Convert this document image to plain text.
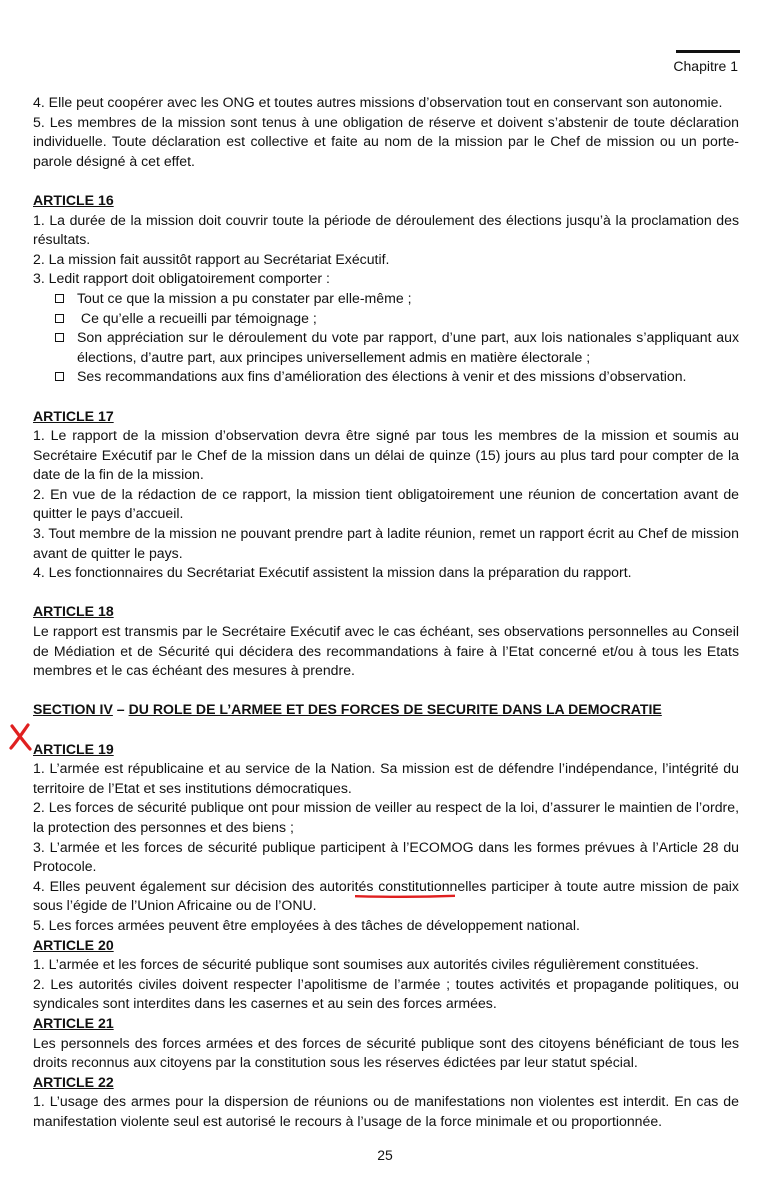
Chapitre 1

4. Elle peut coopérer avec les ONG et toutes autres missions d’observation tout en conservant son autonomie.

5. Les membres de la mission sont tenus à une obligation de réserve et doivent s’abstenir de toute déclaration individuelle. Toute déclaration est collective et faite au nom de la mission par le Chef de mission ou un porte-parole désigné à cet effet.

ARTICLE 16

1. La durée de la mission doit couvrir toute la période de déroulement des élections jusqu’à la proclamation des résultats.

2. La mission fait aussitôt rapport au Secrétariat Exécutif.

3. Ledit rapport doit obligatoirement comporter :

Tout ce que la mission a pu constater par elle-même ;
Ce qu’elle a recueilli par témoignage ;
Son appréciation sur le déroulement du vote par rapport, d’une part, aux lois nationales s’appliquant aux élections, d’autre part, aux principes universellement admis en matière électorale ;
Ses recommandations aux fins d’amélioration des élections à venir et des missions d’observation.

ARTICLE 17

1. Le rapport de la mission d’observation devra être signé par tous les membres de la mission et soumis au Secrétaire Exécutif par le Chef de la mission dans un délai de quinze (15) jours au plus tard pour compter de la date de la fin de la mission.

2. En vue de la rédaction de ce rapport, la mission tient obligatoirement une réunion de concertation avant de quitter le pays d’accueil.

3. Tout membre de la mission ne pouvant prendre part à ladite réunion, remet un rapport écrit au Chef de mission avant de quitter le pays.

4. Les fonctionnaires du Secrétariat Exécutif assistent la mission dans la préparation du rapport.

ARTICLE 18

Le rapport est transmis par le Secrétaire Exécutif avec le cas échéant, ses observations personnelles au Conseil de Médiation et de Sécurité qui décidera des recommandations à faire à l’Etat concerné et/ou à tous les Etats membres et le cas échéant des mesures à prendre.

SECTION IV – DU ROLE DE L’ARMEE ET DES FORCES DE SECURITE DANS LA DEMOCRATIE

ARTICLE 19

1. L’armée est républicaine et au service de la Nation. Sa mission est de défendre l’indépendance, l’intégrité du territoire de l’Etat et ses institutions démocratiques.

2. Les forces de sécurité publique ont pour mission de veiller au respect de la loi, d’assurer le maintien de l’ordre, la protection des personnes et des biens ;

3. L’armée et les forces de sécurité publique participent à l’ECOMOG dans les formes prévues à l’Article 28 du Protocole.

4. Elles peuvent également sur décision des autorités constitutionnelles participer à
toute autre mission de paix sous l’égide de l’Union Africaine ou de l’ONU.

5. Les forces armées peuvent être employées à des tâches de développement national.

ARTICLE 20

1. L’armée et les forces de sécurité publique sont soumises aux autorités civiles régulièrement constituées.

2. Les autorités civiles doivent respecter l’apolitisme de l’armée ; toutes activités et propagande politiques, ou syndicales sont interdites dans les casernes et au sein des forces armées.

ARTICLE 21

Les personnels des forces armées et des forces de sécurité publique sont des citoyens bénéficiant de tous les droits reconnus aux citoyens par la constitution sous les réserves édictées par leur statut spécial.

ARTICLE 22

1. L’usage des armes pour la dispersion de réunions ou de manifestations non violentes est interdit. En cas de manifestation violente seul est autorisé le recours à l’usage de la force minimale et ou proportionnée.

25
